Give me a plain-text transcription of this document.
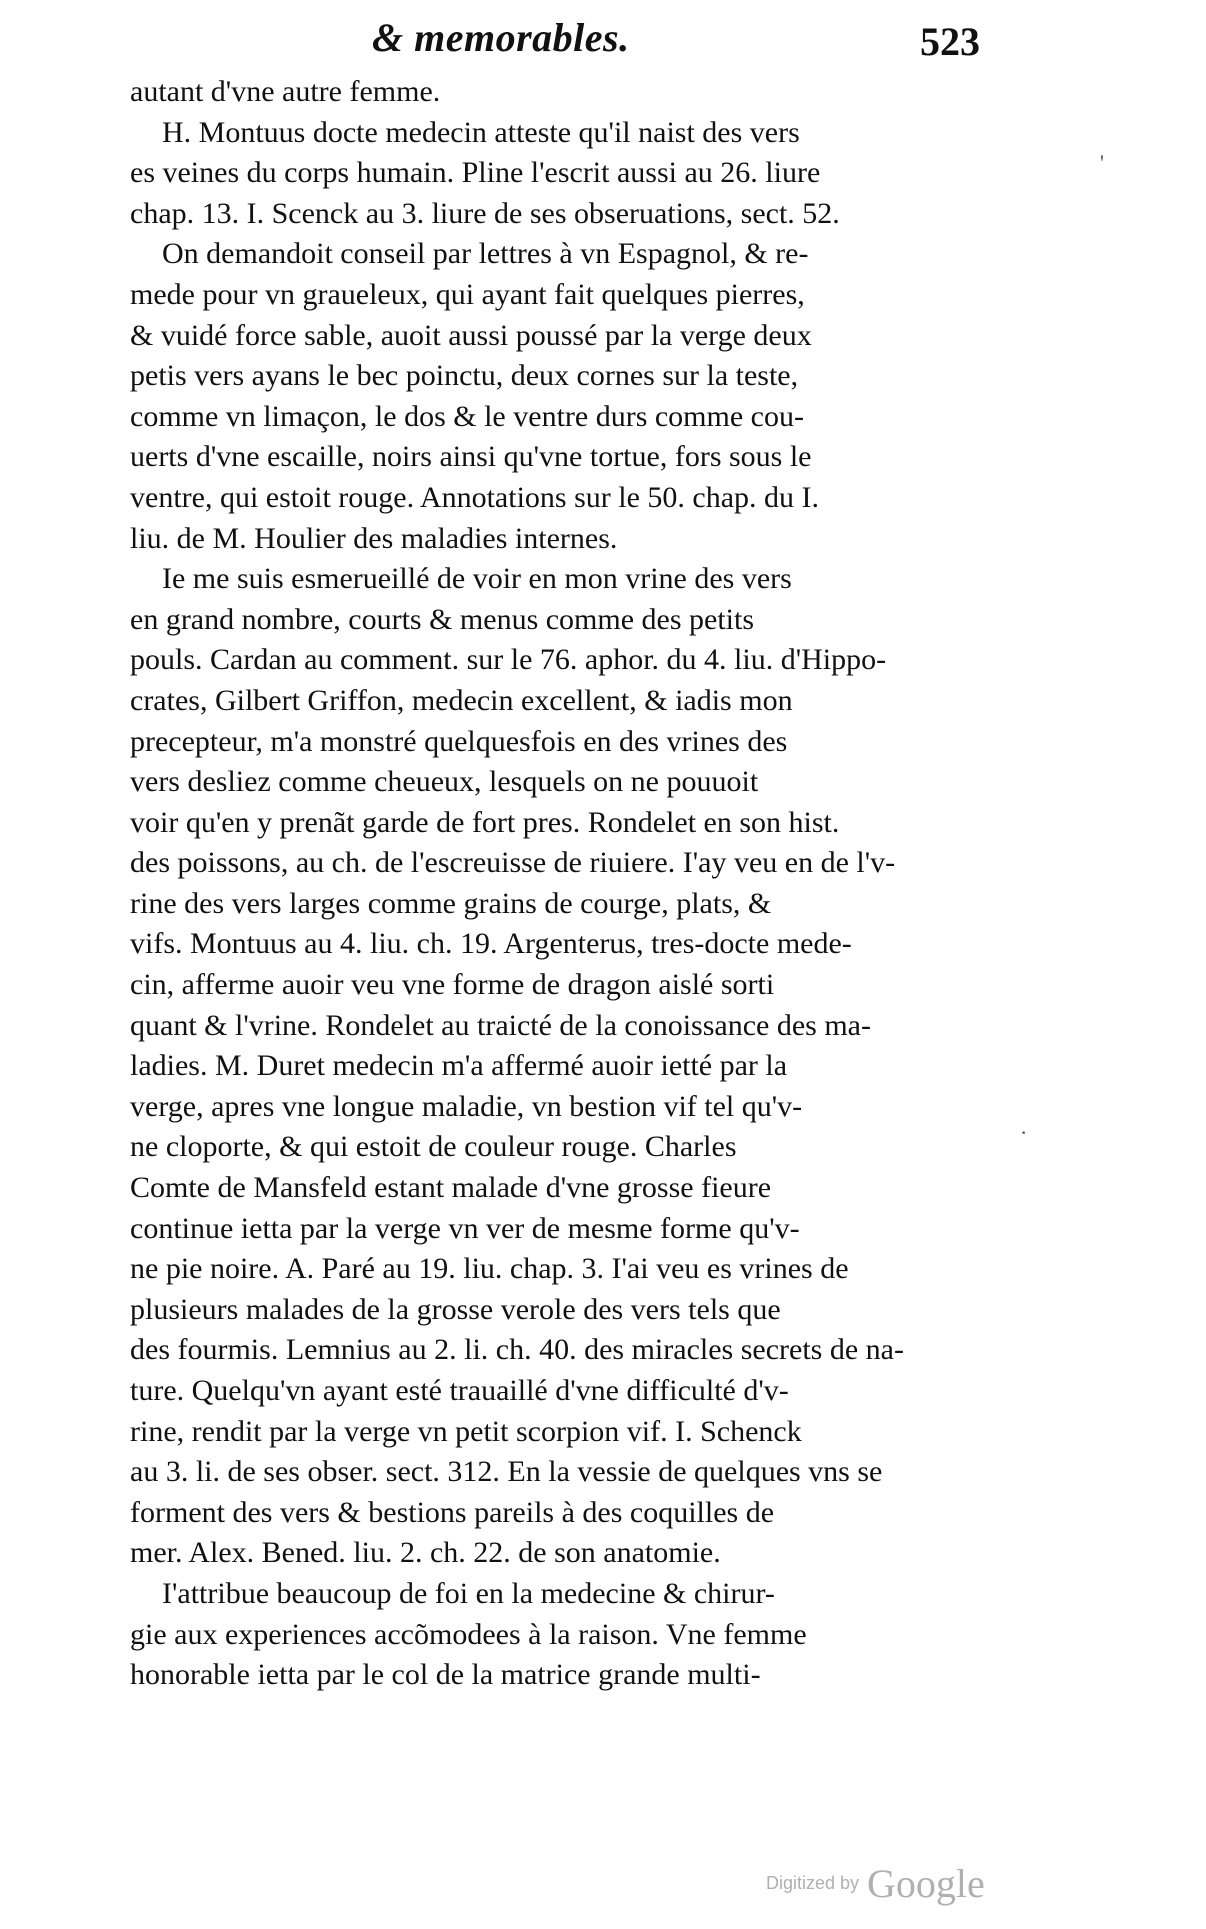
& memorables.	523
autant d'vne autre femme.
H. Montuus docte medecin atteste qu'il naist des vers
es veines du corps humain. Pline l'escrit aussi au 26. liure
chap. 13. I. Scenck au 3. liure de ses obseruations, sect. 52.
On demandoit conseil par lettres à vn Espagnol, & re-
mede pour vn graueleux, qui ayant fait quelques pierres,
& vuidé force sable, auoit aussi poussé par la verge deux
petis vers ayans le bec poinctu, deux cornes sur la teste,
comme vn limaçon, le dos & le ventre durs comme cou-
uerts d'vne escaille, noirs ainsi qu'vne tortue, fors sous le
ventre, qui estoit rouge. Annotations sur le 50. chap. du I.
liu. de M. Houlier des maladies internes.
Ie me suis esmerueillé de voir en mon vrine des vers
en grand nombre, courts & menus comme des petits
pouls. Cardan au comment. sur le 76. aphor. du 4. liu. d'Hippo-
crates, Gilbert Griffon, medecin excellent, & iadis mon
precepteur, m'a monstré quelquesfois en des vrines des
vers desliez comme cheueux, lesquels on ne pouuoit
voir qu'en y prenãt garde de fort pres. Rondelet en son hist.
des poissons, au ch. de l'escreuisse de riuiere. I'ay veu en de l'v-
rine des vers larges comme grains de courge, plats, &
vifs. Montuus au 4. liu. ch. 19. Argenterus, tres-docte mede-
cin, afferme auoir veu vne forme de dragon aislé sorti
quant & l'vrine. Rondelet au traicté de la conoissance des ma-
ladies. M. Duret medecin m'a affermé auoir ietté par la
verge, apres vne longue maladie, vn bestion vif tel qu'v-
ne cloporte, & qui estoit de couleur rouge. Charles
Comte de Mansfeld estant malade d'vne grosse fieure
continue ietta par la verge vn ver de mesme forme qu'v-
ne pie noire. A. Paré au 19. liu. chap. 3. I'ai veu es vrines de
plusieurs malades de la grosse verole des vers tels que
des fourmis. Lemnius au 2. li. ch. 40. des miracles secrets de na-
ture. Quelqu'vn ayant esté trauaillé d'vne difficulté d'v-
rine, rendit par la verge vn petit scorpion vif. I. Schenck
au 3. li. de ses obser. sect. 312. En la vessie de quelques vns se
forment des vers & bestions pareils à des coquilles de
mer. Alex. Bened. liu. 2. ch. 22. de son anatomie.
I'attribue beaucoup de foi en la medecine & chirur-
gie aux experiences accõmodees à la raison. Vne femme
honorable ietta par le col de la matrice grande multi-
'
·
Digitized by Google
